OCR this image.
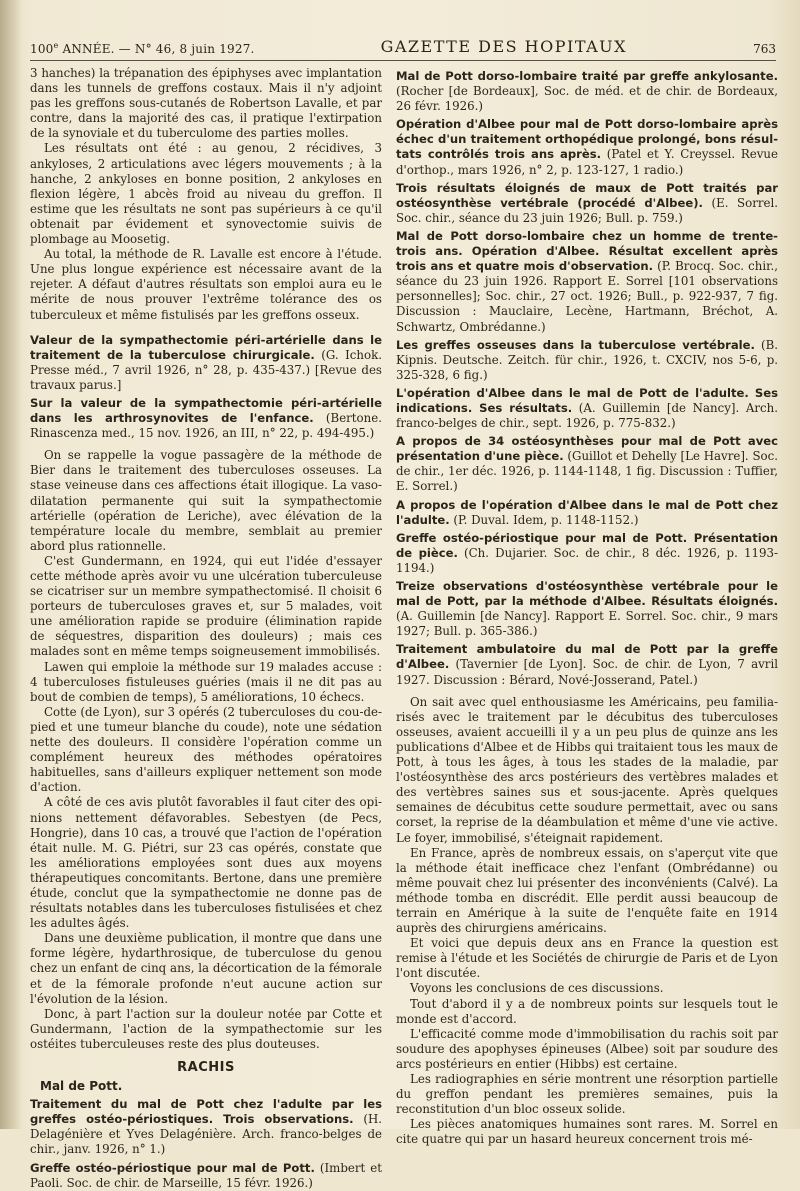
100e ANNÉE. — N° 46, 8 juin 1927.	GAZETTE DES HOPITAUX	763

3 hanches) la trépanation des épiphyses avec implantation dans les tunnels de greffons costaux. Mais il n'y adjoint pas les greffons sous-cutanés de Robertson Lavalle, et par contre, dans la majorité des cas, il pratique l'extirpation de la synoviale et du tuberculome des parties molles.

Les résultats ont été : au genou, 2 récidives, 3 ankyloses, 2 articulations avec légers mouvements ; à la hanche, 2 ankyloses en bonne position, 2 ankyloses en flexion légère, 1 abcès froid au niveau du greffon. Il estime que les résultats ne sont pas supérieurs à ce qu'il obtenait par évidement et synovectomie suivis de plombage au Moosetig.

Au total, la méthode de R. Lavalle est encore à l'étude. Une plus longue expérience est nécessaire avant de la rejeter. A défaut d'autres résultats son emploi aura eu le mérite de nous prouver l'extrême tolérance des os tuberculeux et même fistulisés par les greffons osseux.

Valeur de la sympathectomie péri-artérielle dans le traitement de la tuberculose chirurgicale. (G. Ichok. Presse méd., 7 avril 1926, n° 28, p. 435-437.) [Revue des travaux parus.]

Sur la valeur de la sympathectomie péri-artérielle dans les arthrosynovites de l'enfance. (Bertone. Rinascenza med., 15 nov. 1926, an III, n° 22, p. 494-495.)

On se rappelle la vogue passagère de la méthode de Bier dans le traitement des tuberculoses osseuses. La stase veineuse dans ces affections était illogique. La vaso-dilatation permanente qui suit la sympathectomie artérielle (opération de Leriche), avec élévation de la température locale du membre, semblait au premier abord plus rationnelle.

C'est Gundermann, en 1924, qui eut l'idée d'essayer cette méthode après avoir vu une ulcération tuberculeuse se cicatriser sur un membre sympathectomisé. Il choisit 6 porteurs de tuberculoses graves et, sur 5 malades, voit une amélioration rapide se produire (élimination rapide de séquestres, disparition des douleurs) ; mais ces malades sont en même temps soigneusement immobilisés.

Lawen qui emploie la méthode sur 19 malades accuse : 4 tuberculoses fistuleuses guéries (mais il ne dit pas au bout de combien de temps), 5 améliorations, 10 échecs.

Cotte (de Lyon), sur 3 opérés (2 tuberculoses du cou-de-pied et une tumeur blanche du coude), note une sédation nette des douleurs. Il considère l'opération comme un complément heureux des méthodes opératoires habituelles, sans d'ailleurs expliquer nettement son mode d'action.

A côté de ces avis plutôt favorables il faut citer des opinions nettement défavorables. Sebestyen (de Pecs, Hongrie), dans 10 cas, a trouvé que l'action de l'opération était nulle. M. G. Piétri, sur 23 cas opérés, constate que les améliorations employées sont dues aux moyens thérapeutiques concomitants. Bertone, dans une première étude, conclut que la sympathectomie ne donne pas de résultats notables dans les tuberculoses fistulisées et chez les adultes âgés.

Dans une deuxième publication, il montre que dans une forme légère, hydarthrosique, de tuberculose du genou chez un enfant de cinq ans, la décortication de la fémorale et de la fémorale profonde n'eut aucune action sur l'évolution de la lésion.

Donc, à part l'action sur la douleur notée par Cotte et Gundermann, l'action de la sympathectomie sur les ostéites tuberculeuses reste des plus douteuses.

RACHIS
Mal de Pott.

Traitement du mal de Pott chez l'adulte par les greffes ostéo-périostiques. Trois observations. (H. Delagénière et Yves Delagénière. Arch. franco-belges de chir., janv. 1926, n° 1.)

Greffe ostéo-périostique pour mal de Pott. (Imbert et Paoli. Soc. de chir. de Marseille, 15 févr. 1926.)

Mal de Pott dorso-lombaire traité par greffe ankylosante. (Rocher [de Bordeaux], Soc. de méd. et de chir. de Bordeaux, 26 févr. 1926.)

Opération d'Albee pour mal de Pott dorso-lombaire après échec d'un traitement orthopédique prolongé, bons résultats contrôlés trois ans après. (Patel et Y. Creyssel. Revue d'orthop., mars 1926, n° 2, p. 123-127, 1 radio.)

Trois résultats éloignés de maux de Pott traités par ostéosynthèse vertébrale (procédé d'Albee). (E. Sorrel. Soc. chir., séance du 23 juin 1926; Bull. p. 759.)

Mal de Pott dorso-lombaire chez un homme de trente-trois ans. Opération d'Albee. Résultat excellent après trois ans et quatre mois d'observation. (P. Brocq. Soc. chir., séance du 23 juin 1926. Rapport E. Sorrel [101 observations personnelles]; Soc. chir., 27 oct. 1926; Bull., p. 922-937, 7 fig. Discussion : Mauclaire, Lecène, Hartmann, Bréchot, A. Schwartz, Ombrédanne.)

Les greffes osseuses dans la tuberculose vertébrale. (B. Kipnis. Deutsche. Zeitch. für chir., 1926, t. CXCIV, nos 5-6, p. 325-328, 6 fig.)

L'opération d'Albee dans le mal de Pott de l'adulte. Ses indications. Ses résultats. (A. Guillemin [de Nancy]. Arch. franco-belges de chir., sept. 1926, p. 775-832.)

A propos de 34 ostéosynthèses pour mal de Pott avec présentation d'une pièce. (Guillot et Dehelly [Le Havre]. Soc. de chir., 1er déc. 1926, p. 1144-1148, 1 fig. Discussion : Tuffier, E. Sorrel.)

A propos de l'opération d'Albee dans le mal de Pott chez l'adulte. (P. Duval. Idem, p. 1148-1152.)

Greffe ostéo-périostique pour mal de Pott. Présentation de pièce. (Ch. Dujarier. Soc. de chir., 8 déc. 1926, p. 1193-1194.)

Treize observations d'ostéosynthèse vertébrale pour le mal de Pott, par la méthode d'Albee. Résultats éloignés. (A. Guillemin [de Nancy]. Rapport E. Sorrel. Soc. chir., 9 mars 1927; Bull. p. 365-386.)

Traitement ambulatoire du mal de Pott par la greffe d'Albee. (Tavernier [de Lyon]. Soc. de chir. de Lyon, 7 avril 1927. Discussion : Bérard, Nové-Josserand, Patel.)

On sait avec quel enthousiasme les Américains, peu familiarisés avec le traitement par le décubitus des tuberculoses osseuses, avaient accueilli il y a un peu plus de quinze ans les publications d'Albee et de Hibbs qui traitaient tous les maux de Pott, à tous les âges, à tous les stades de la maladie, par l'ostéosynthèse des arcs postérieurs des vertèbres malades et des vertèbres saines sus et sous-jacente. Après quelques semaines de décubitus cette soudure permettait, avec ou sans corset, la reprise de la déambulation et même d'une vie active. Le foyer, immobilisé, s'éteignait rapidement.

En France, après de nombreux essais, on s'aperçut vite que la méthode était inefficace chez l'enfant (Ombrédanne) ou même pouvait chez lui présenter des inconvénients (Calvé). La méthode tomba en discrédit. Elle perdit aussi beaucoup de terrain en Amérique à la suite de l'enquête faite en 1914 auprès des chirurgiens américains.

Et voici que depuis deux ans en France la question est remise à l'étude et les Sociétés de chirurgie de Paris et de Lyon l'ont discutée.

Voyons les conclusions de ces discussions.

Tout d'abord il y a de nombreux points sur lesquels tout le monde est d'accord.

L'efficacité comme mode d'immobilisation du rachis soit par soudure des apophyses épineuses (Albee) soit par soudure des arcs postérieurs en entier (Hibbs) est certaine.

Les radiographies en série montrent une résorption partielle du greffon pendant les premières semaines, puis la reconstitution d'un bloc osseux solide.

Les pièces anatomiques humaines sont rares. M. Sorrel en cite quatre qui par un hasard heureux concernent trois mé-
